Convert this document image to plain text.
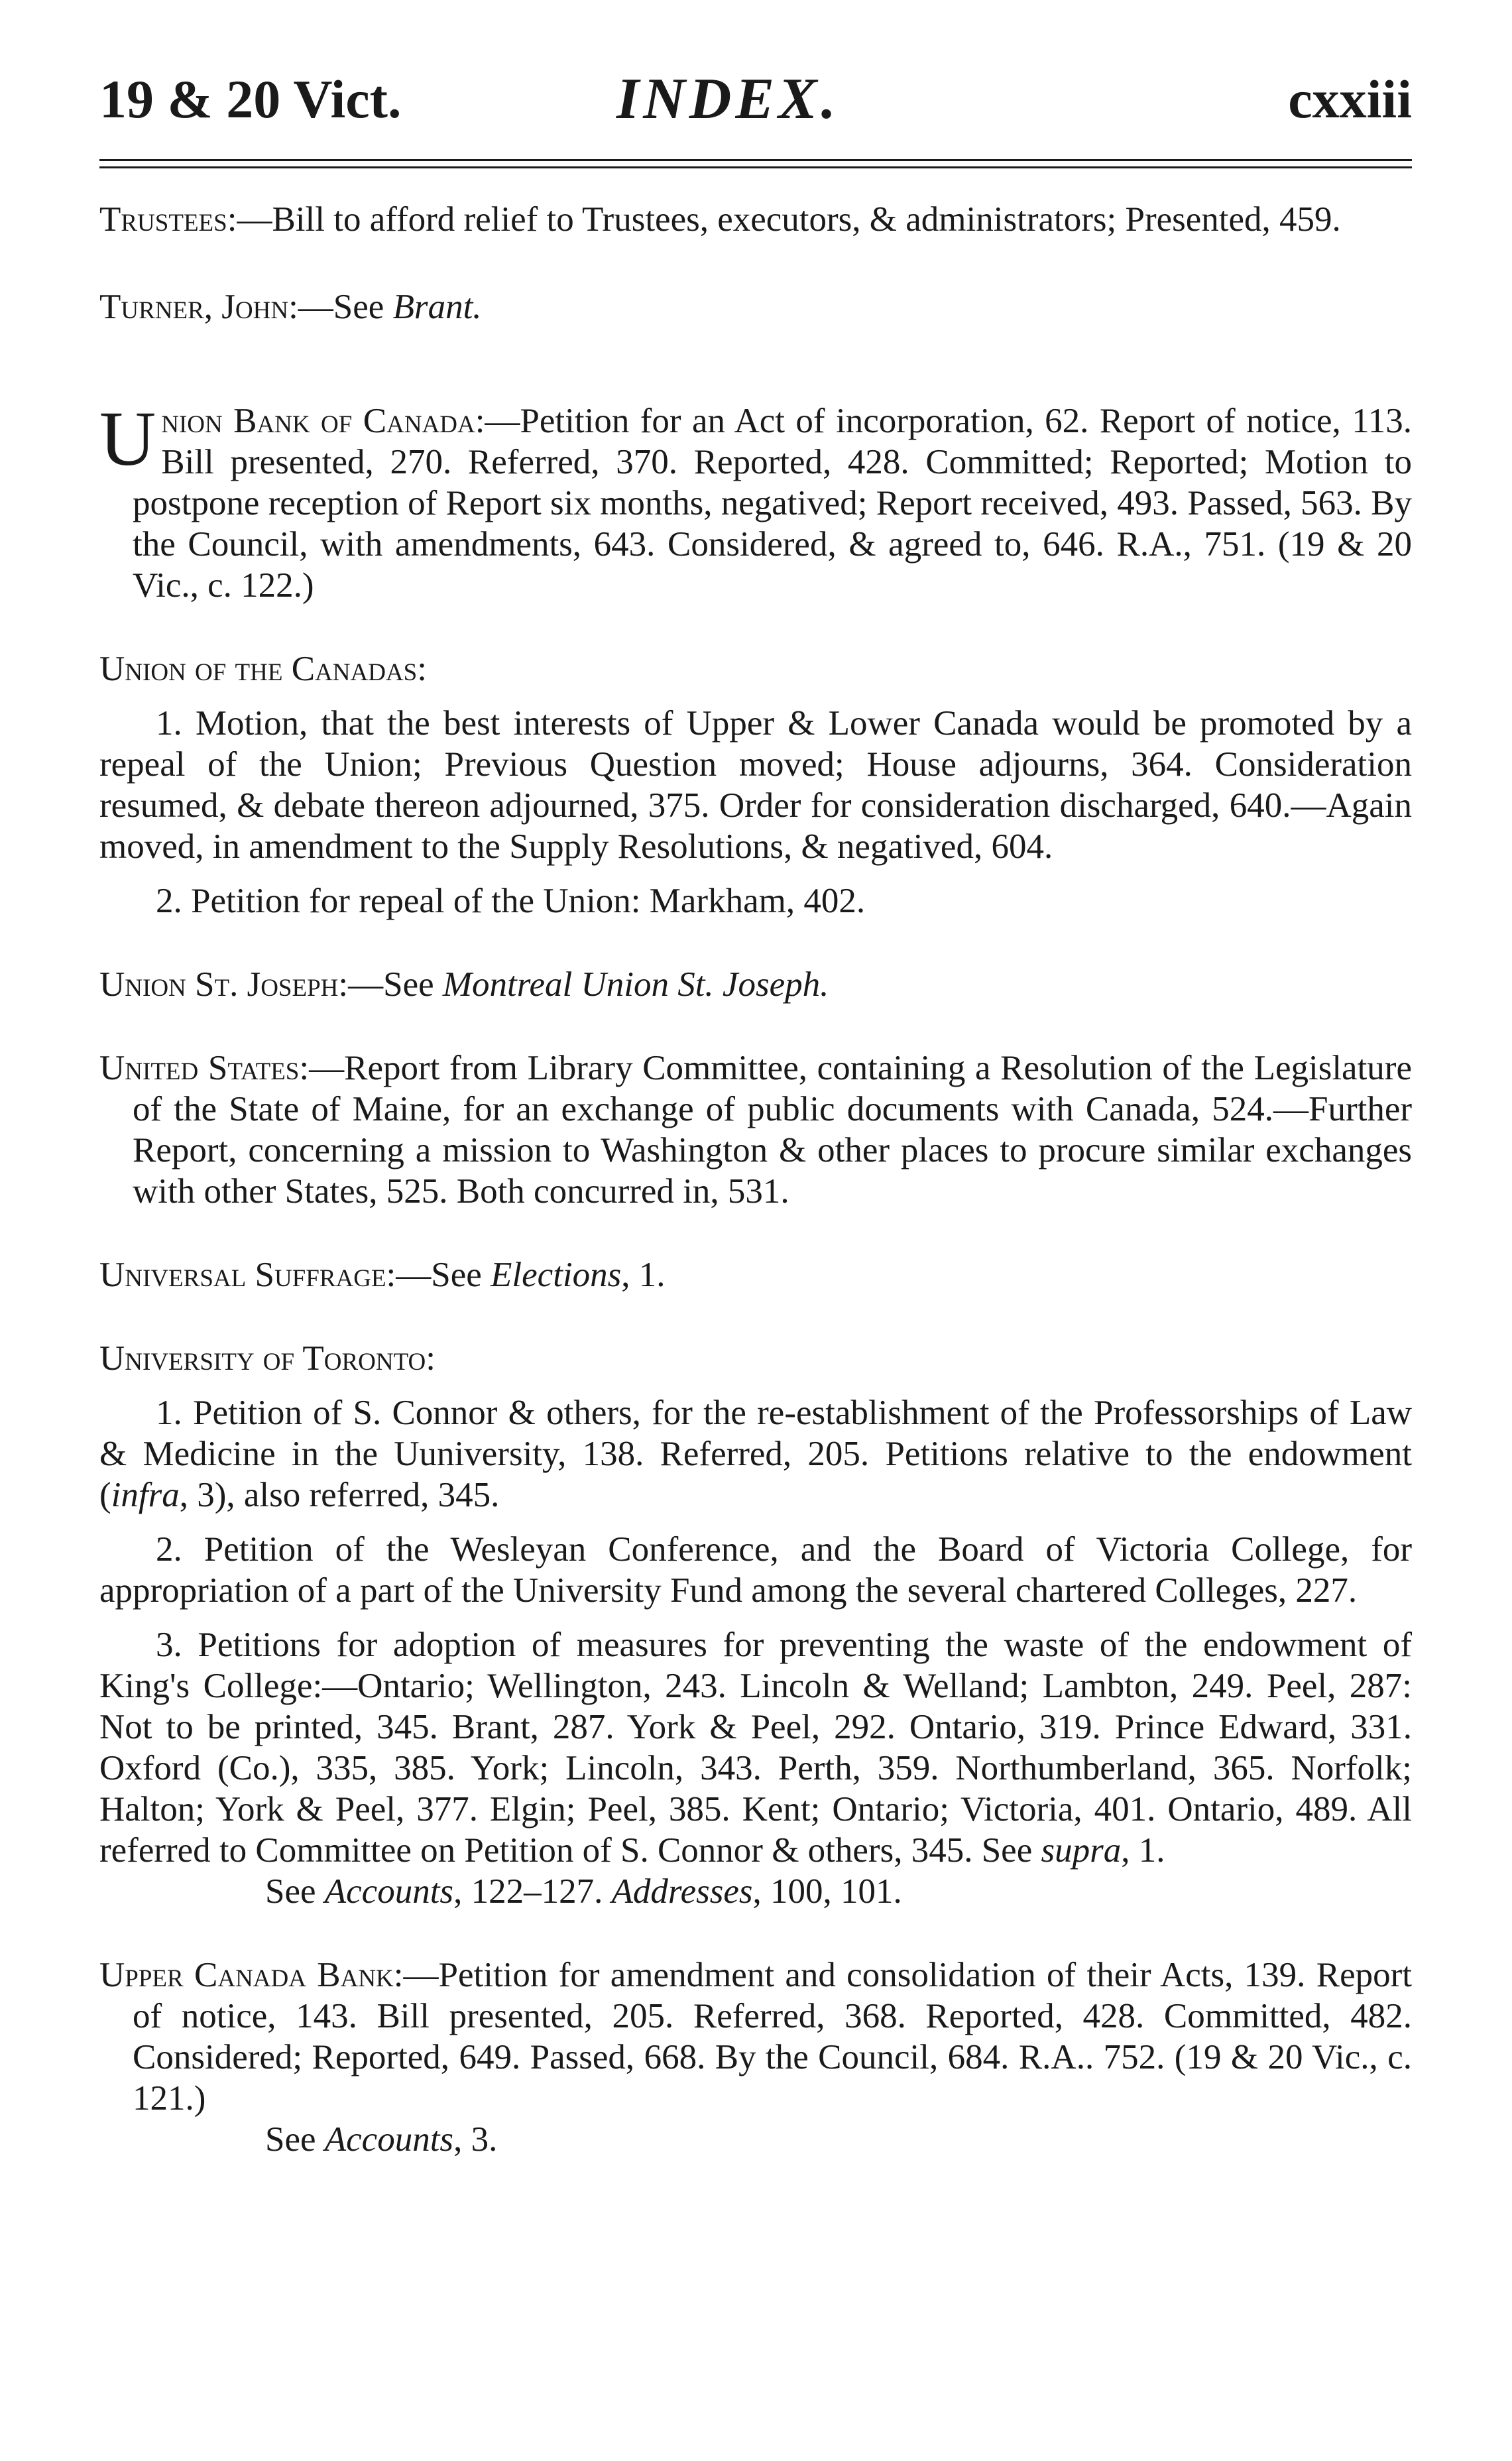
19 & 20 Vict.	INDEX.	cxxiii

Trustees:—Bill to afford relief to Trustees, executors, & administrators; Presented, 459.

Turner, John:—See Brant.

Union Bank of Canada:—Petition for an Act of incorporation, 62. Report of notice, 113. Bill presented, 270. Referred, 370. Reported, 428. Committed; Reported; Motion to postpone reception of Report six months, negatived; Report received, 493. Passed, 563. By the Council, with amendments, 643. Considered, & agreed to, 646. R.A., 751. (19 & 20 Vic., c. 122.)

Union of the Canadas:

1. Motion, that the best interests of Upper & Lower Canada would be promoted by a repeal of the Union; Previous Question moved; House adjourns, 364. Consideration resumed, & debate thereon adjourned, 375. Order for consideration discharged, 640.—Again moved, in amendment to the Supply Resolutions, & negatived, 604.

2. Petition for repeal of the Union: Markham, 402.

Union St. Joseph:—See Montreal Union St. Joseph.

United States:—Report from Library Committee, containing a Resolution of the Legislature of the State of Maine, for an exchange of public documents with Canada, 524.—Further Report, concerning a mission to Washington & other places to procure similar exchanges with other States, 525. Both concurred in, 531.

Universal Suffrage:—See Elections, 1.

University of Toronto:

1. Petition of S. Connor & others, for the re-establishment of the Professorships of Law & Medicine in the Uuniversity, 138. Referred, 205. Petitions relative to the endowment (infra, 3), also referred, 345.

2. Petition of the Wesleyan Conference, and the Board of Victoria College, for appropriation of a part of the University Fund among the several chartered Colleges, 227.

3. Petitions for adoption of measures for preventing the waste of the endowment of King's College:—Ontario; Wellington, 243. Lincoln & Welland; Lambton, 249. Peel, 287: Not to be printed, 345. Brant, 287. York & Peel, 292. Ontario, 319. Prince Edward, 331. Oxford (Co.), 335, 385. York; Lincoln, 343. Perth, 359. Northumberland, 365. Norfolk; Halton; York & Peel, 377. Elgin; Peel, 385. Kent; Ontario; Victoria, 401. Ontario, 489. All referred to Committee on Petition of S. Connor & others, 345. See supra, 1.

See Accounts, 122–127. Addresses, 100, 101.

Upper Canada Bank:—Petition for amendment and consolidation of their Acts, 139. Report of notice, 143. Bill presented, 205. Referred, 368. Reported, 428. Committed, 482. Considered; Reported, 649. Passed, 668. By the Council, 684. R.A.. 752. (19 & 20 Vic., c. 121.)

See Accounts, 3.
